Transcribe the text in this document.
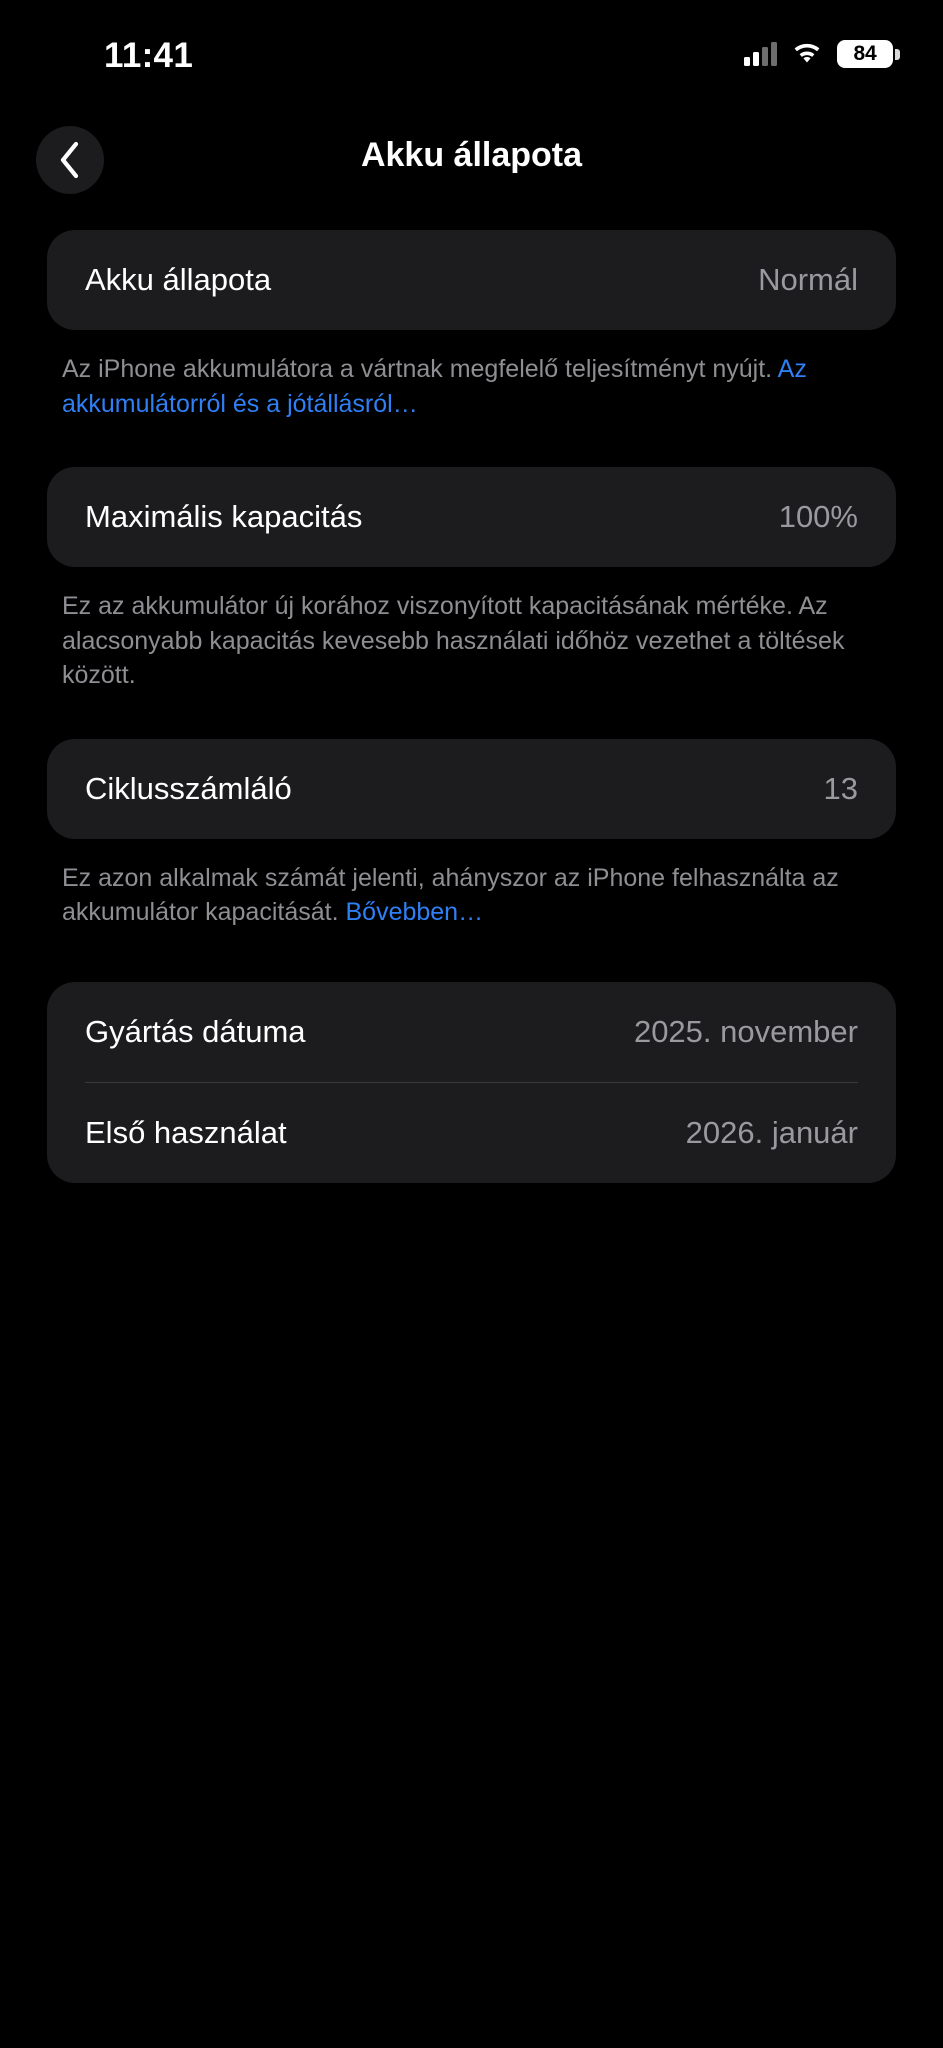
11:41	84
Akku állapota
Akku állapota	Normál
Az iPhone akkumulátora a vártnak megfelelő teljesítményt nyújt. Az akkumulátorról és a jótállásról…
Maximális kapacitás	100%
Ez az akkumulátor új korához viszonyított kapacitásának mértéke. Az alacsonyabb kapacitás kevesebb használati időhöz vezethet a töltések között.
Ciklusszámláló	13
Ez azon alkalmak számát jelenti, ahányszor az iPhone felhasználta az akkumulátor kapacitását. Bővebben…
Gyártás dátuma	2025. november
Első használat	2026. január
